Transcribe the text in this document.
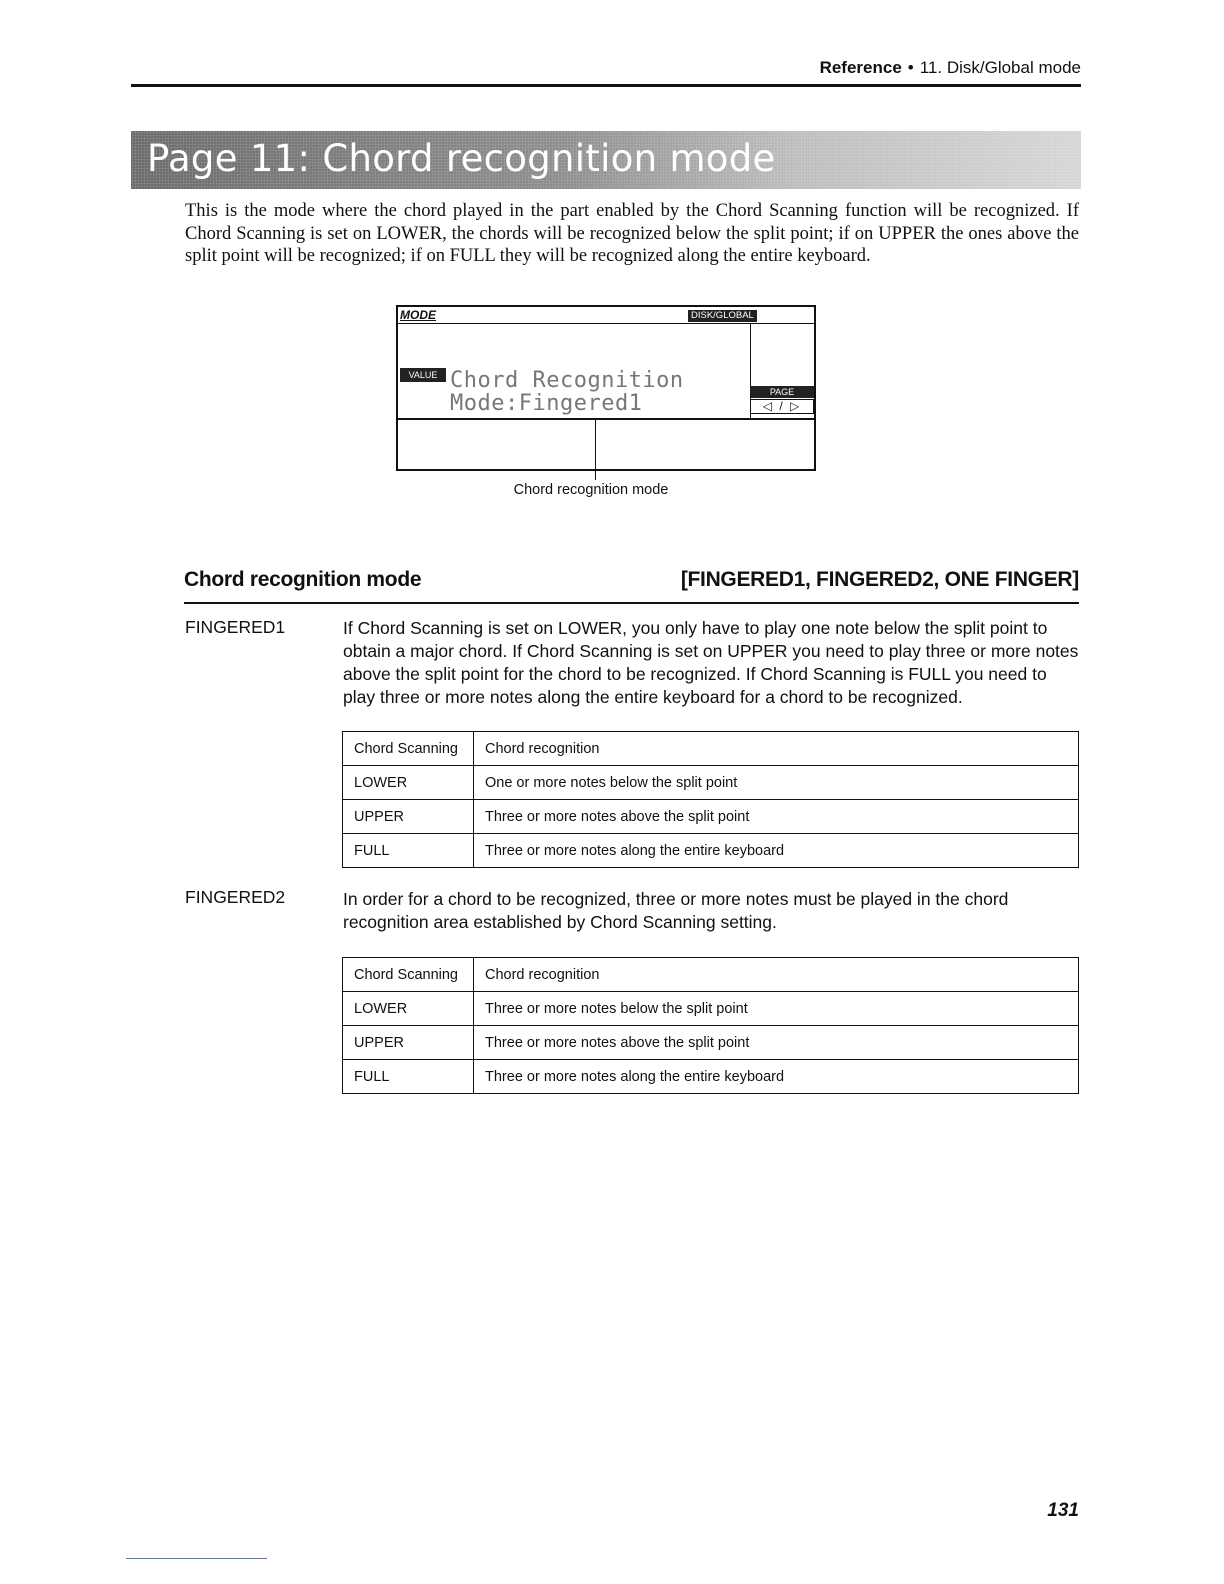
Reference • 11. Disk/Global mode
Page 11: Chord recognition mode

This is the mode where the chord played in the part enabled by the Chord Scanning function will be recognized. If Chord Scanning is set on LOWER, the chords will be recognized below the split point; if on UPPER the ones above the split point will be recognized; if on FULL they will be recognized along the entire keyboard.

MODE	DISK/GLOBAL
VALUE Chord Recognition
Mode:Fingered1	PAGE
◁ / ▷
Chord recognition mode
Chord recognition mode	[FINGERED1, FINGERED2, ONE FINGER]
FINGERED1	If Chord Scanning is set on LOWER, you only have to play one note below the split point to obtain a major chord. If Chord Scanning is set on UPPER you need to play three or more notes above the split point for the chord to be recognized. If Chord Scanning is FULL you need to play three or more notes along the entire keyboard for a chord to be recognized.

Chord Scanning	Chord recognition
LOWER	One or more notes below the split point
UPPER	Three or more notes above the split point
FULL	Three or more notes along the entire keyboard
FINGERED2	In order for a chord to be recognized, three or more notes must be played in the chord recognition area established by Chord Scanning setting.

Chord Scanning	Chord recognition
LOWER	Three or more notes below the split point
UPPER	Three or more notes above the split point
FULL	Three or more notes along the entire keyboard
131
